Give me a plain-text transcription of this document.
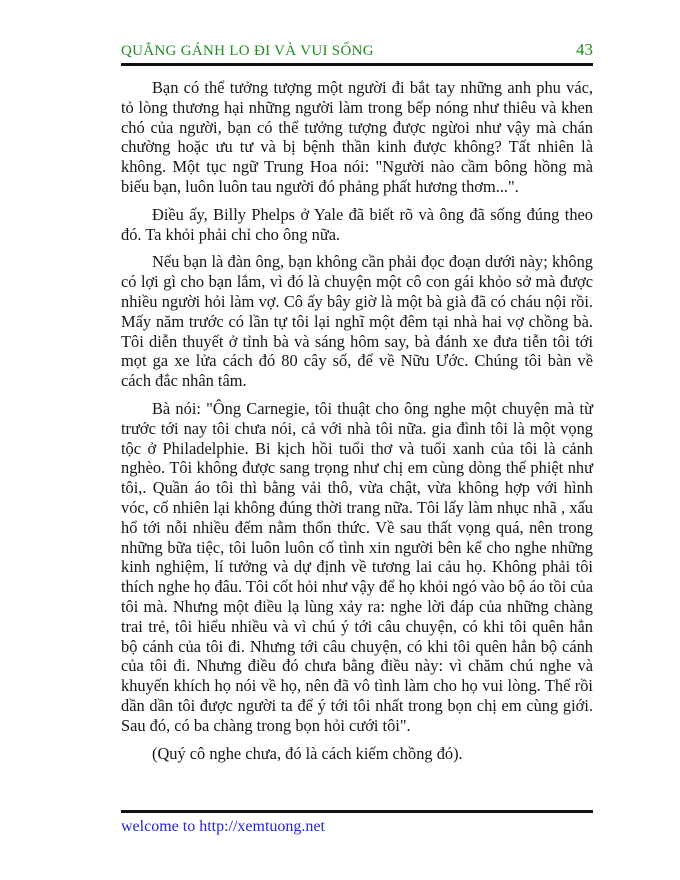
QUẲNG GÁNH LO ĐI VÀ VUI SỐNG	43

Bạn có thể tưởng tượng một người đi bắt tay những anh phu vác, tỏ lòng thương hại những người làm trong bếp nóng như thiêu và khen chó của người, bạn có thể tưởng tượng được ngừoi như vậy mà chán chường hoặc ưu tư và bị bệnh thần kinh được không? Tất nhiên là không. Một tục ngữ Trung Hoa nói: "Người nào cầm bông hồng mà biếu bạn, luôn luôn tau người đó phảng phất hương thơm...".

Điều ấy, Billy Phelps ở Yale đã biết rõ và ông đã sống đúng theo đó. Ta khỏi phải chỉ cho ông nữa.

Nếu bạn là đàn ông, bạn không cần phải đọc đoạn dưới này; không có lợi gì cho bạn lắm, vì đó là chuyện một cô con gái khỏo sở mà được nhiều người hỏi làm vợ. Cô ấy bây giờ là một bà già đã có cháu nội rồi. Mấy năm trước có lần tự tôi lại nghĩ một đêm tại nhà hai vợ chồng bà. Tôi diễn thuyết ở tỉnh bà và sáng hôm say, bà đánh xe đưa tiễn tôi tới mọt ga xe lửa cách đó 80 cây số, để về Nữu Ước. Chúng tôi bàn về cách đắc nhân tâm.

Bà nói: "Ông Carnegie, tôi thuật cho ông nghe một chuyện mà từ trước tới nay tôi chưa nói, cả với nhà tôi nữa. gia đình tôi là một vọng tộc ở Philadelphie. Bi kịch hồi tuổi thơ và tuổi xanh của tôi là cảnh nghèo. Tôi không được sang trọng như chị em cùng dòng thế phiệt như tôi,. Quần áo tôi thì bằng vải thô, vừa chật, vừa không hợp với hình vóc, cố nhiên lại không đúng thời trang nữa. Tôi lấy làm nhục nhã , xấu hổ tới nỗi nhiều đếm nằm thổn thức. Về sau thất vọng quá, nên trong những bữa tiệc, tôi luôn luôn cố tình xin người bên kể cho nghe những kinh nghiệm, lí tưởng và dự định về tương lai cảu họ. Không phải tôi thích nghe họ đâu. Tôi cốt hỏi như vậy để họ khỏi ngó vào bộ áo tồi của tôi mà. Nhưng một điều lạ lùng xảy ra: nghe lời đáp của những chàng trai trẻ, tôi hiểu nhiều và vì chú ý tới câu chuyện, có khi tôi quên hẳn bộ cánh của tôi đi. Nhưng tới câu chuyện, có khi tôi quên hẳn bộ cánh của tôi đi. Nhưng điều đó chưa bằng điều này: vì chăm chú nghe và khuyến khích họ nói về họ, nên đã vô tình làm cho họ vui lòng. Thế rồi dần dần tôi được người ta để ý tới tôi nhất trong bọn chị em cùng giới. Sau đó, có ba chàng trong bọn hỏi cưới tôi".

(Quý cô nghe chưa, đó là cách kiếm chồng đó).

welcome to http://xemtuong.net
